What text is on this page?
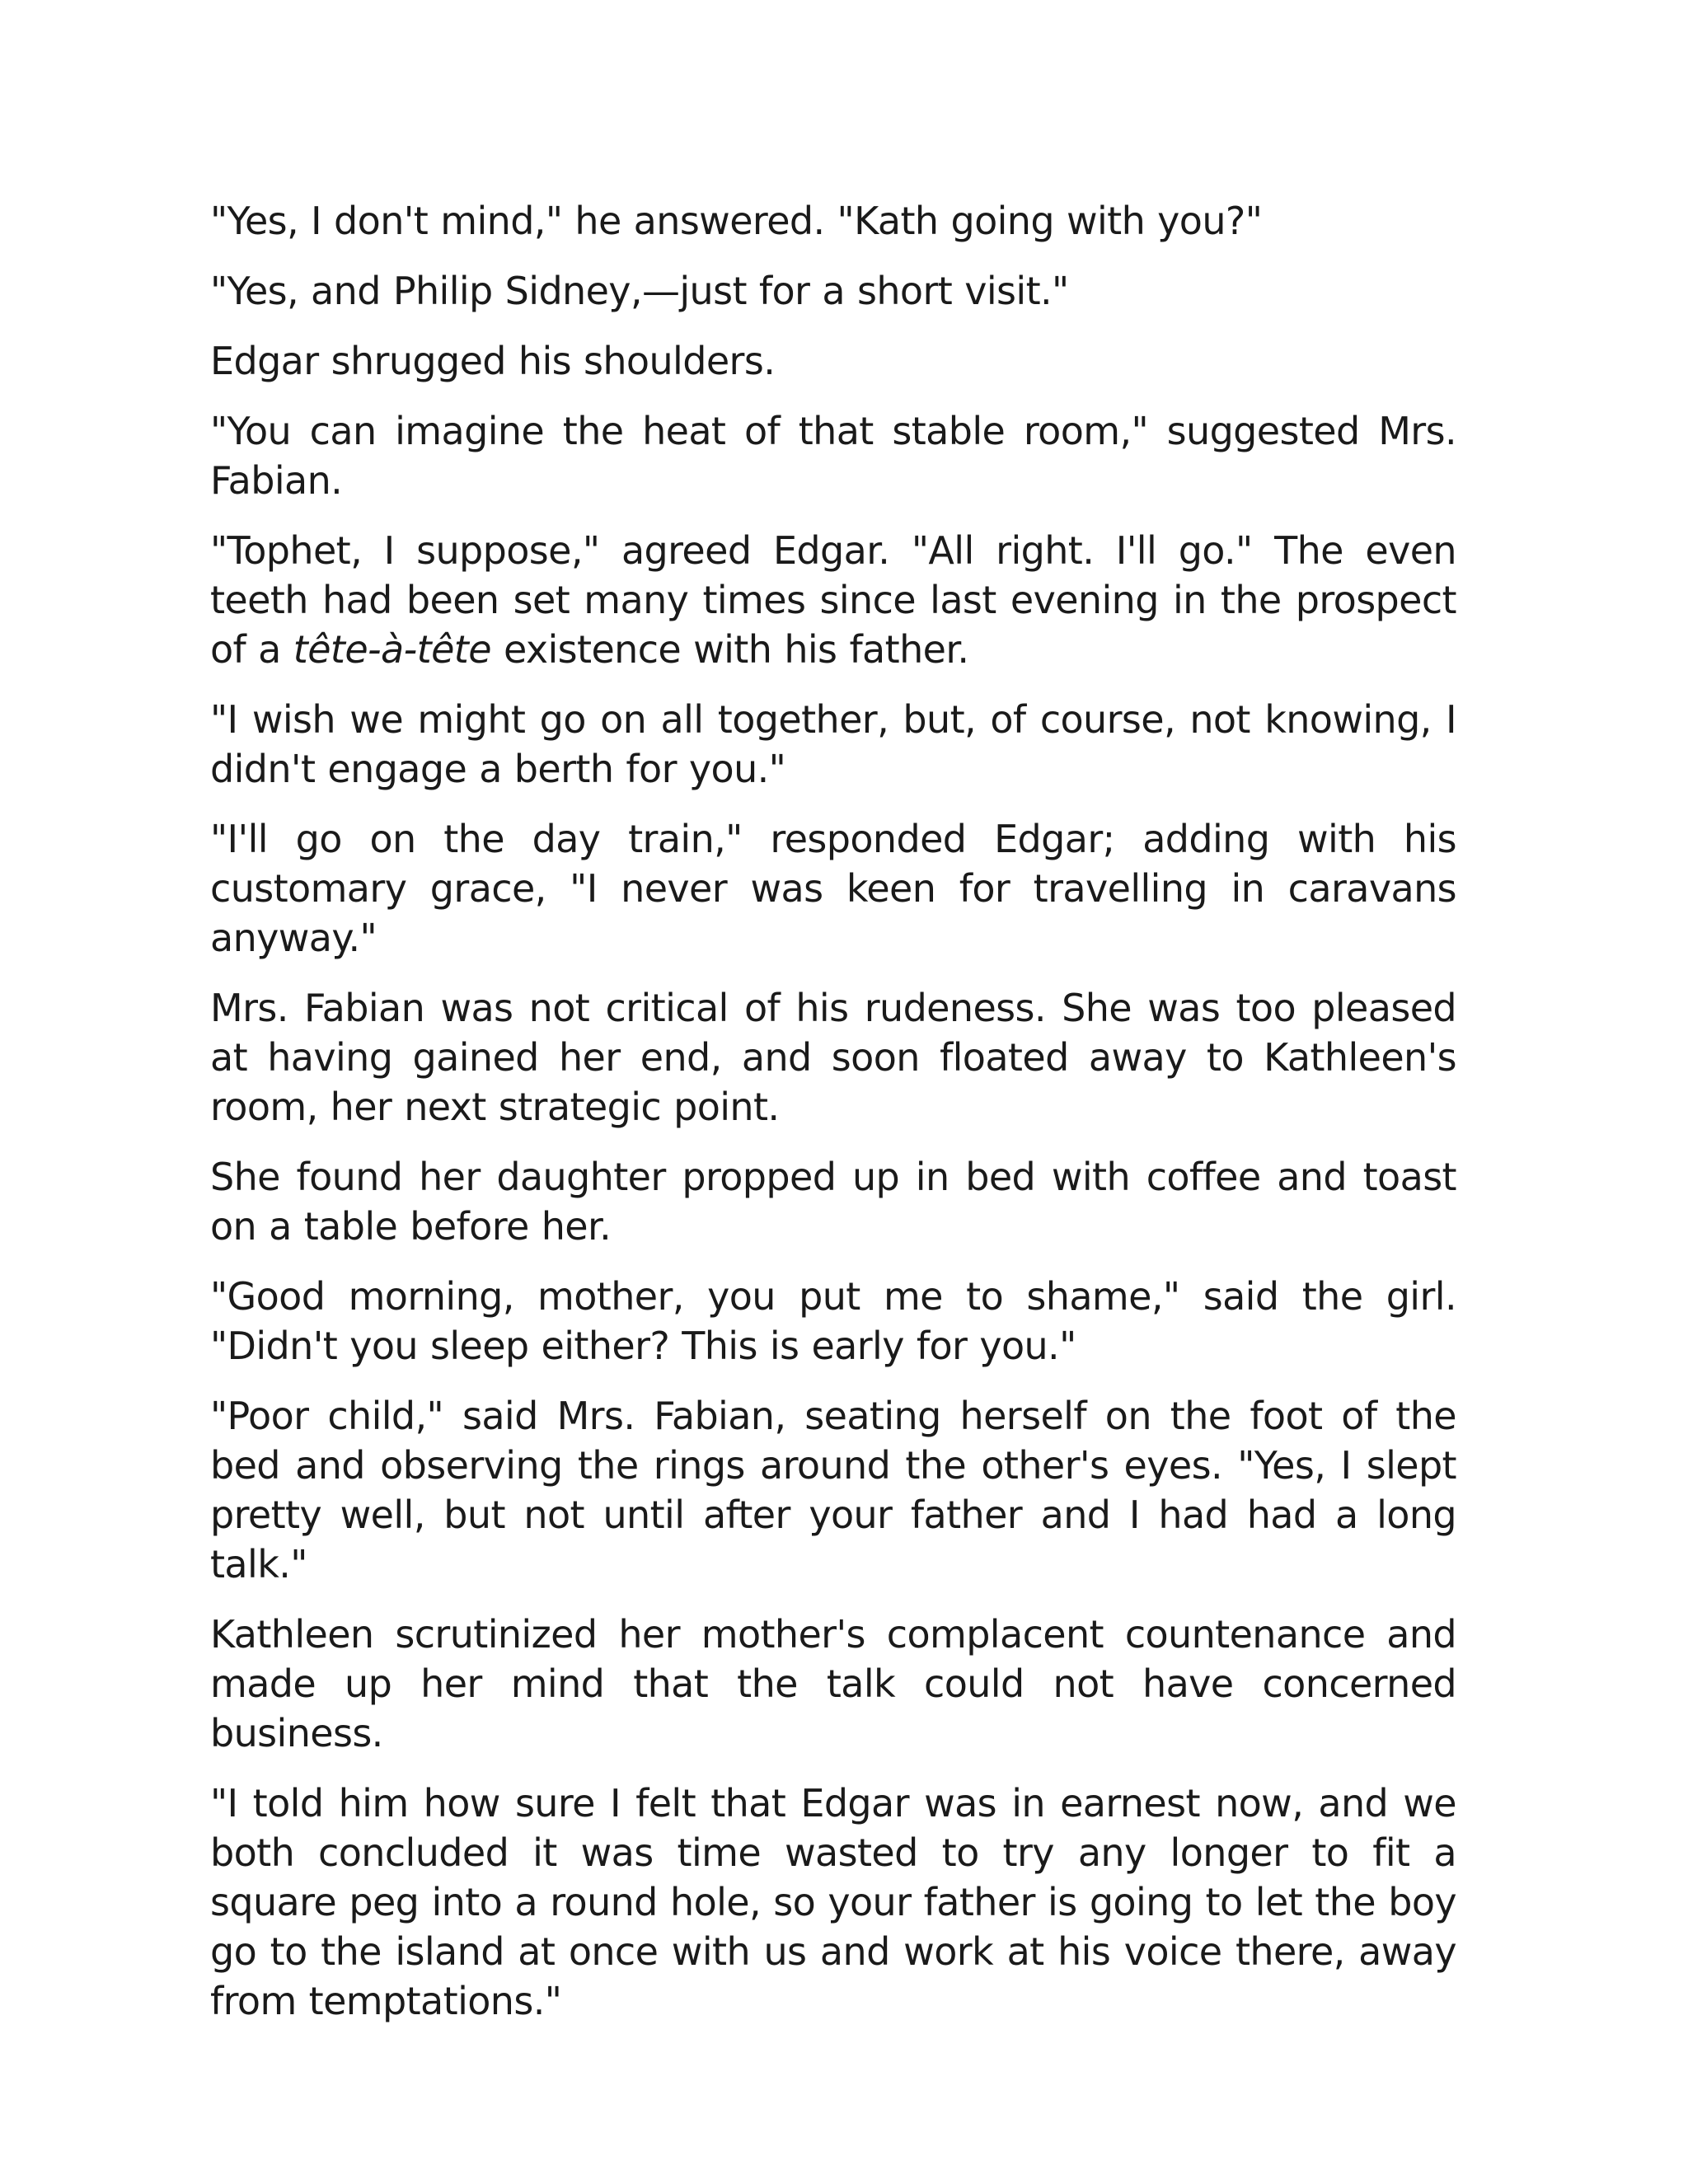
"Yes, I don't mind," he answered. "Kath going with you?"

"Yes, and Philip Sidney,—just for a short visit."

Edgar shrugged his shoulders.

"You can imagine the heat of that stable room," suggested Mrs. Fabian.

"Tophet, I suppose," agreed Edgar. "All right. I'll go." The even teeth had been set many times since last evening in the prospect of a tête-à-tête existence with his father.

"I wish we might go on all together, but, of course, not knowing, I didn't engage a berth for you."

"I'll go on the day train," responded Edgar; adding with his customary grace, "I never was keen for travelling in caravans anyway."

Mrs. Fabian was not critical of his rudeness. She was too pleased at having gained her end, and soon floated away to Kathleen's room, her next strategic point.

She found her daughter propped up in bed with coffee and toast on a table before her.

"Good morning, mother, you put me to shame," said the girl. "Didn't you sleep either? This is early for you."

"Poor child," said Mrs. Fabian, seating herself on the foot of the bed and observing the rings around the other's eyes. "Yes, I slept pretty well, but not until after your father and I had had a long talk."

Kathleen scrutinized her mother's complacent countenance and made up her mind that the talk could not have concerned business.

"I told him how sure I felt that Edgar was in earnest now, and we both concluded it was time wasted to try any longer to fit a square peg into a round hole, so your father is going to let the boy go to the island at once with us and work at his voice there, away from temptations."
